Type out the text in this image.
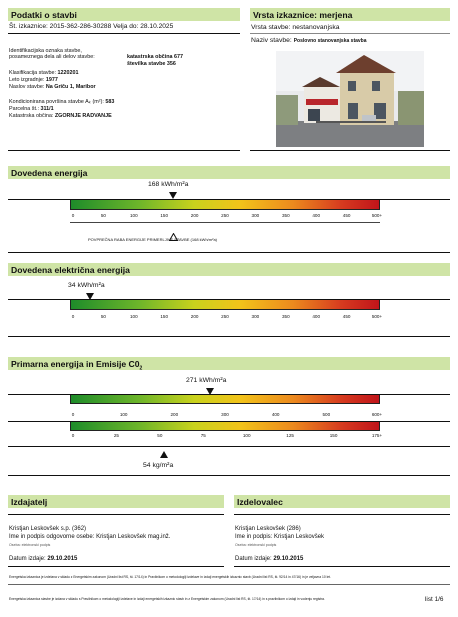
Podatki o stavbi
Št. izkaznice: 2015-362-286-30288 Velja do: 28.10.2025
Identifikacijska oznaka stavbe,
posameznega dela ali delov stavbe:	katastrska občina 677
številka stavbe 356
Klasifikacija stavbe: 1220201
Leto izgradnje: 1977
Naslov stavbe: Na Griču 1, Maribor
Kondicionirana površina stavbe Aₖ (m²): 583
Parcelna št.: 311/1
Katastrska občina: ZGORNJE RADVANJE
Vrsta izkaznice: merjena
Vrsta stavbe: nestanovanjska
Naziv stavbe: Poslovno stanovanjska stavba
Dovedena energija
168 kWh/m²a
0	50	100	150	200	250	300	350	400	450	500+
POVPREČNA RABA ENERGIJE PRIMERLJIVE STAVBE (168 kWh/m²a)
Dovedena električna energija
34 kWh/m²a
0	50	100	150	200	250	300	350	400	450	500+
Primarna energija in Emisije $C0_2$
271 kWh/m²a
0	100	200	300	400	500	600+
0	25	50	75	100	125	150	175+
54 kg/m²a
Izdajatelj
Kristjan Leskovšek s.p. (362)
Ime in podpis odgovorne osebe: Kristjan Leskovšek mag.inž.
Oseba: elektronski podpis
Datum izdaje: 29.10.2015
Izdelovalec
Kristjan Leskovšek (286)
Ime in podpis: Kristjan Leskovšek
Oseba: elektronski podpis
Datum izdaje: 29.10.2015
Energetska izkaznica je izdelana v skladu z Energetskim zakonom (Uradni list RS, št. 17/14) in Pravilnikom o metodologiji izdelave in izdaji energetskih izkaznic stavb (Uradni list RS, št. 92/14 in 47/16) in je veljavna 10 let.
Energetska izkaznica stavbe je izdana v skladu s Pravilnikom o metodologiji izdelave in izdaji energetskih izkaznic stavb in z Energetskim zakonom (Uradni list RS, št. 17/14) in s pravilnikom o izdaji in vodenju registra.	list 1/6
